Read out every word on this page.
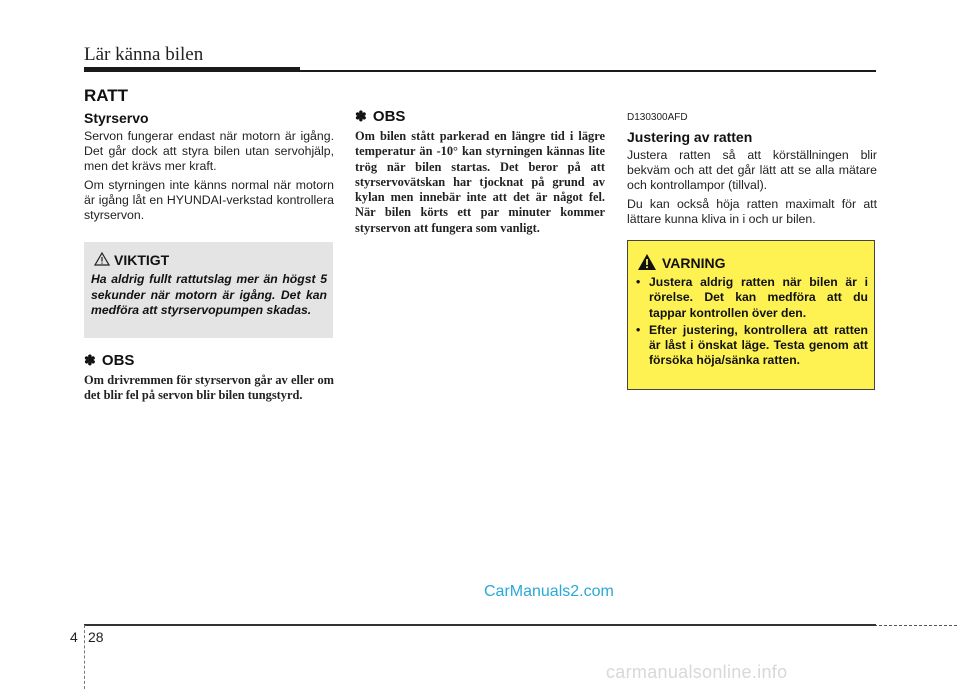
Lär känna bilen
RATT
Styrservo

Servon fungerar endast när motorn är igång. Det går dock att styra bilen utan servohjälp, men det krävs mer kraft.

Om styrningen inte känns normal när motorn är igång låt en HYUNDAI-verkstad kontrollera styrservon.

VIKTIGT

Ha aldrig fullt rattutslag mer än högst 5 sekunder när motorn är igång. Det kan medföra att styrservopumpen skadas.

✽ OBS

Om drivremmen för styrservon går av eller om det blir fel på servon blir bilen tungstyrd.

✽ OBS

Om bilen stått parkerad en längre tid i lägre temperatur än -10° kan styrningen kännas lite trög när bilen startas. Det beror på att styrservovätskan har tjocknat på grund av kylan men innebär inte att det är något fel. När bilen körts ett par minuter kommer styrservon att fungera som vanligt.

D130300AFD
Justering av ratten

Justera ratten så att körställningen blir bekväm och att det går lätt att se alla mätare och kontrollampor (tillval).

Du kan också höja ratten maximalt för att lättare kunna kliva in i och ur bilen.

VARNING
• Justera aldrig ratten när bilen är i rörelse. Det kan medföra att du tappar kontrollen över den.
• Efter justering, kontrollera att ratten är låst i önskat läge. Testa genom att försöka höja/sänka ratten.
CarManuals2.com
4 28
carmanualsonline.info
